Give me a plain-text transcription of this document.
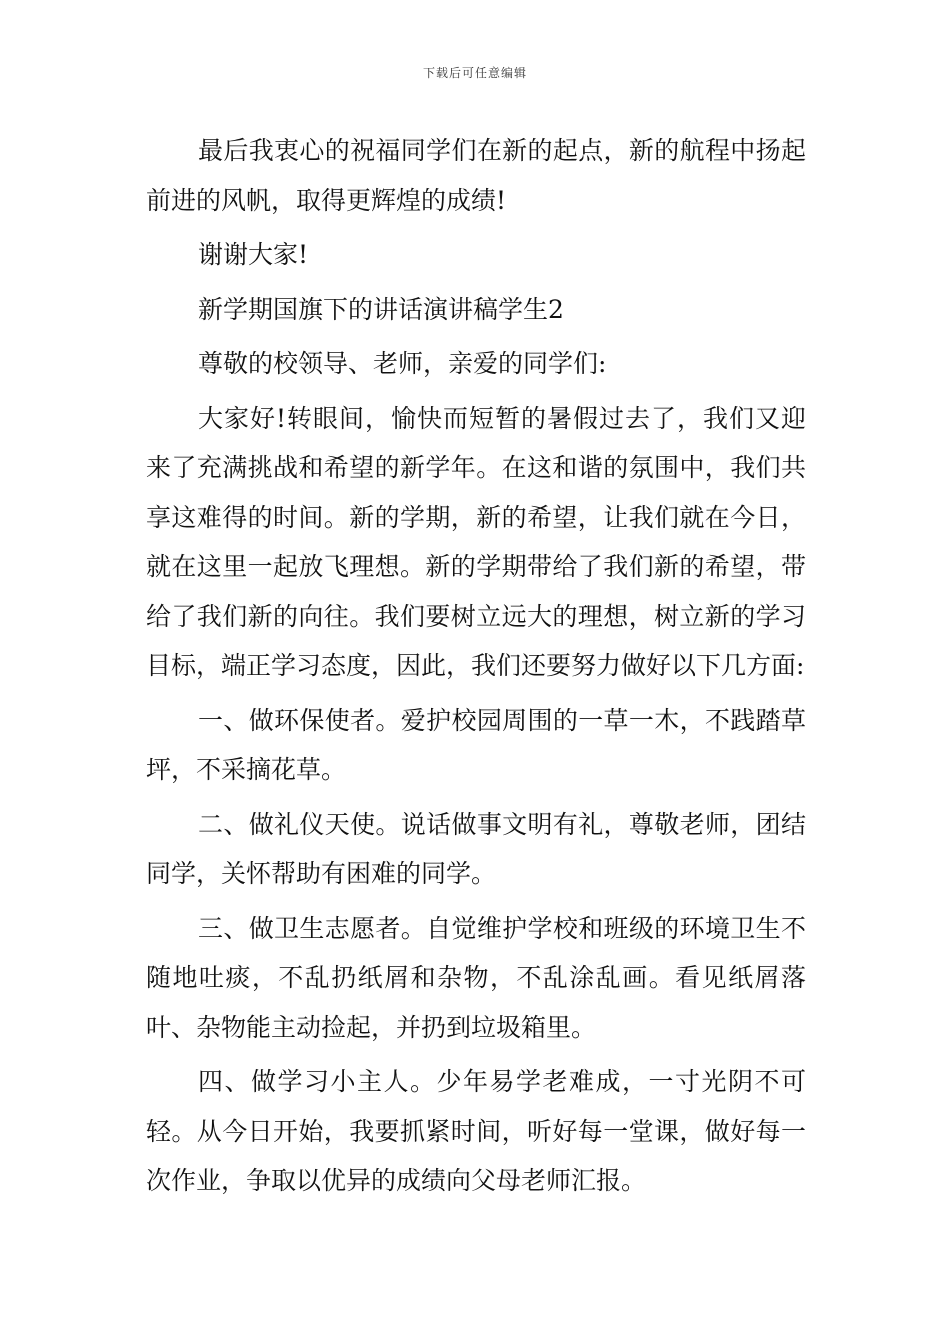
下载后可任意编辑

最后我衷心的祝福同学们在新的起点，新的航程中扬起前进的风帆，取得更辉煌的成绩!

谢谢大家!

新学期国旗下的讲话演讲稿学生2

尊敬的校领导、老师，亲爱的同学们:

大家好!转眼间，愉快而短暂的暑假过去了，我们又迎来了充满挑战和希望的新学年。在这和谐的氛围中，我们共享这难得的时间。新的学期，新的希望，让我们就在今日，就在这里一起放飞理想。新的学期带给了我们新的希望，带给了我们新的向往。我们要树立远大的理想，树立新的学习目标，端正学习态度，因此，我们还要努力做好以下几方面:

一、做环保使者。爱护校园周围的一草一木，不践踏草坪，不采摘花草。

二、做礼仪天使。说话做事文明有礼，尊敬老师，团结同学，关怀帮助有困难的同学。

三、做卫生志愿者。自觉维护学校和班级的环境卫生不随地吐痰，不乱扔纸屑和杂物，不乱涂乱画。看见纸屑落叶、杂物能主动捡起，并扔到垃圾箱里。

四、做学习小主人。少年易学老难成，一寸光阴不可轻。从今日开始，我要抓紧时间，听好每一堂课，做好每一次作业，争取以优异的成绩向父母老师汇报。
